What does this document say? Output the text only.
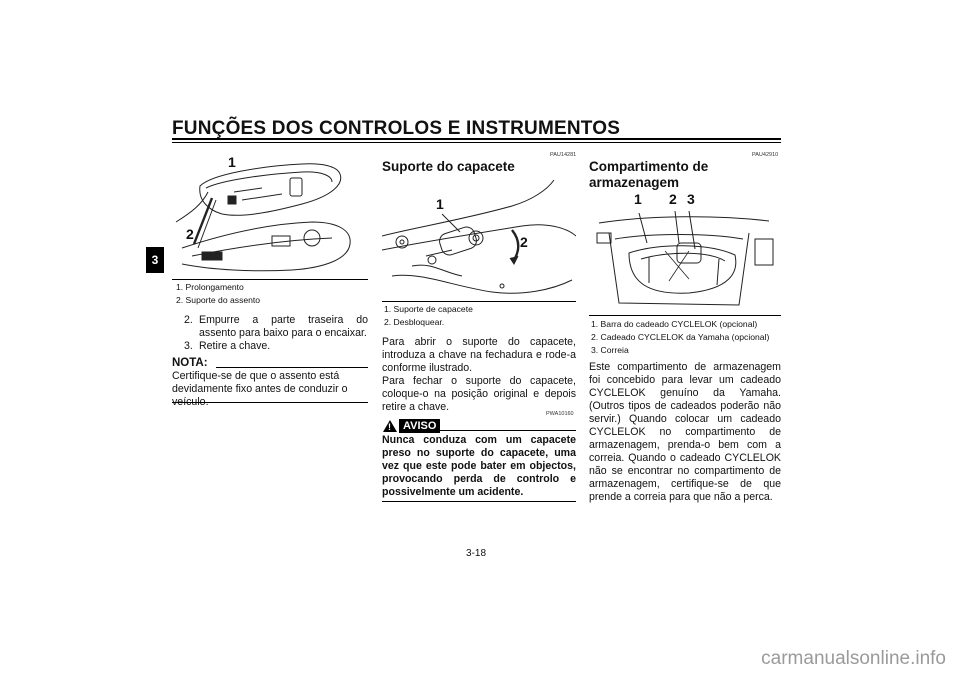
FUNÇÕES DOS CONTROLOS E INSTRUMENTOS
3
1
2
1. Prolongamento
2. Suporte do assento
2. Empurre a parte traseira do assento para baixo para o encaixar.
3. Retire a chave.
NOTA:
Certifique-se de que o assento está devidamente fixo antes de conduzir o veículo.
PAU14281
Suporte do capacete
1
2
1. Suporte de capacete
2. Desbloquear.
Para abrir o suporte do capacete, introduza a chave na fechadura e rode-a conforme ilustrado.
Para fechar o suporte do capacete, coloque-o na posição original e depois retire a chave.
PWA10160
!	AVISO
Nunca conduza com um capacete preso no suporte do capacete, uma vez que este pode bater em objectos, provocando perda de controlo e possivelmente um acidente.
PAU42910
Compartimento de armazenagem
1 2 3
1. Barra do cadeado CYCLELOK (opcional)
2. Cadeado CYCLELOK da Yamaha (opcional)
3. Correia
Este compartimento de armazenagem foi concebido para levar um cadeado CYCLELOK genuíno da Yamaha. (Outros tipos de cadeados poderão não servir.) Quando colocar um cadeado CYCLELOK no compartimento de armazenagem, prenda-o bem com a correia. Quando o cadeado CYCLELOK não se encontrar no compartimento de armazenagem, certifique-se de que prende a correia para que não a perca.
3-18
carmanualsonline.info
